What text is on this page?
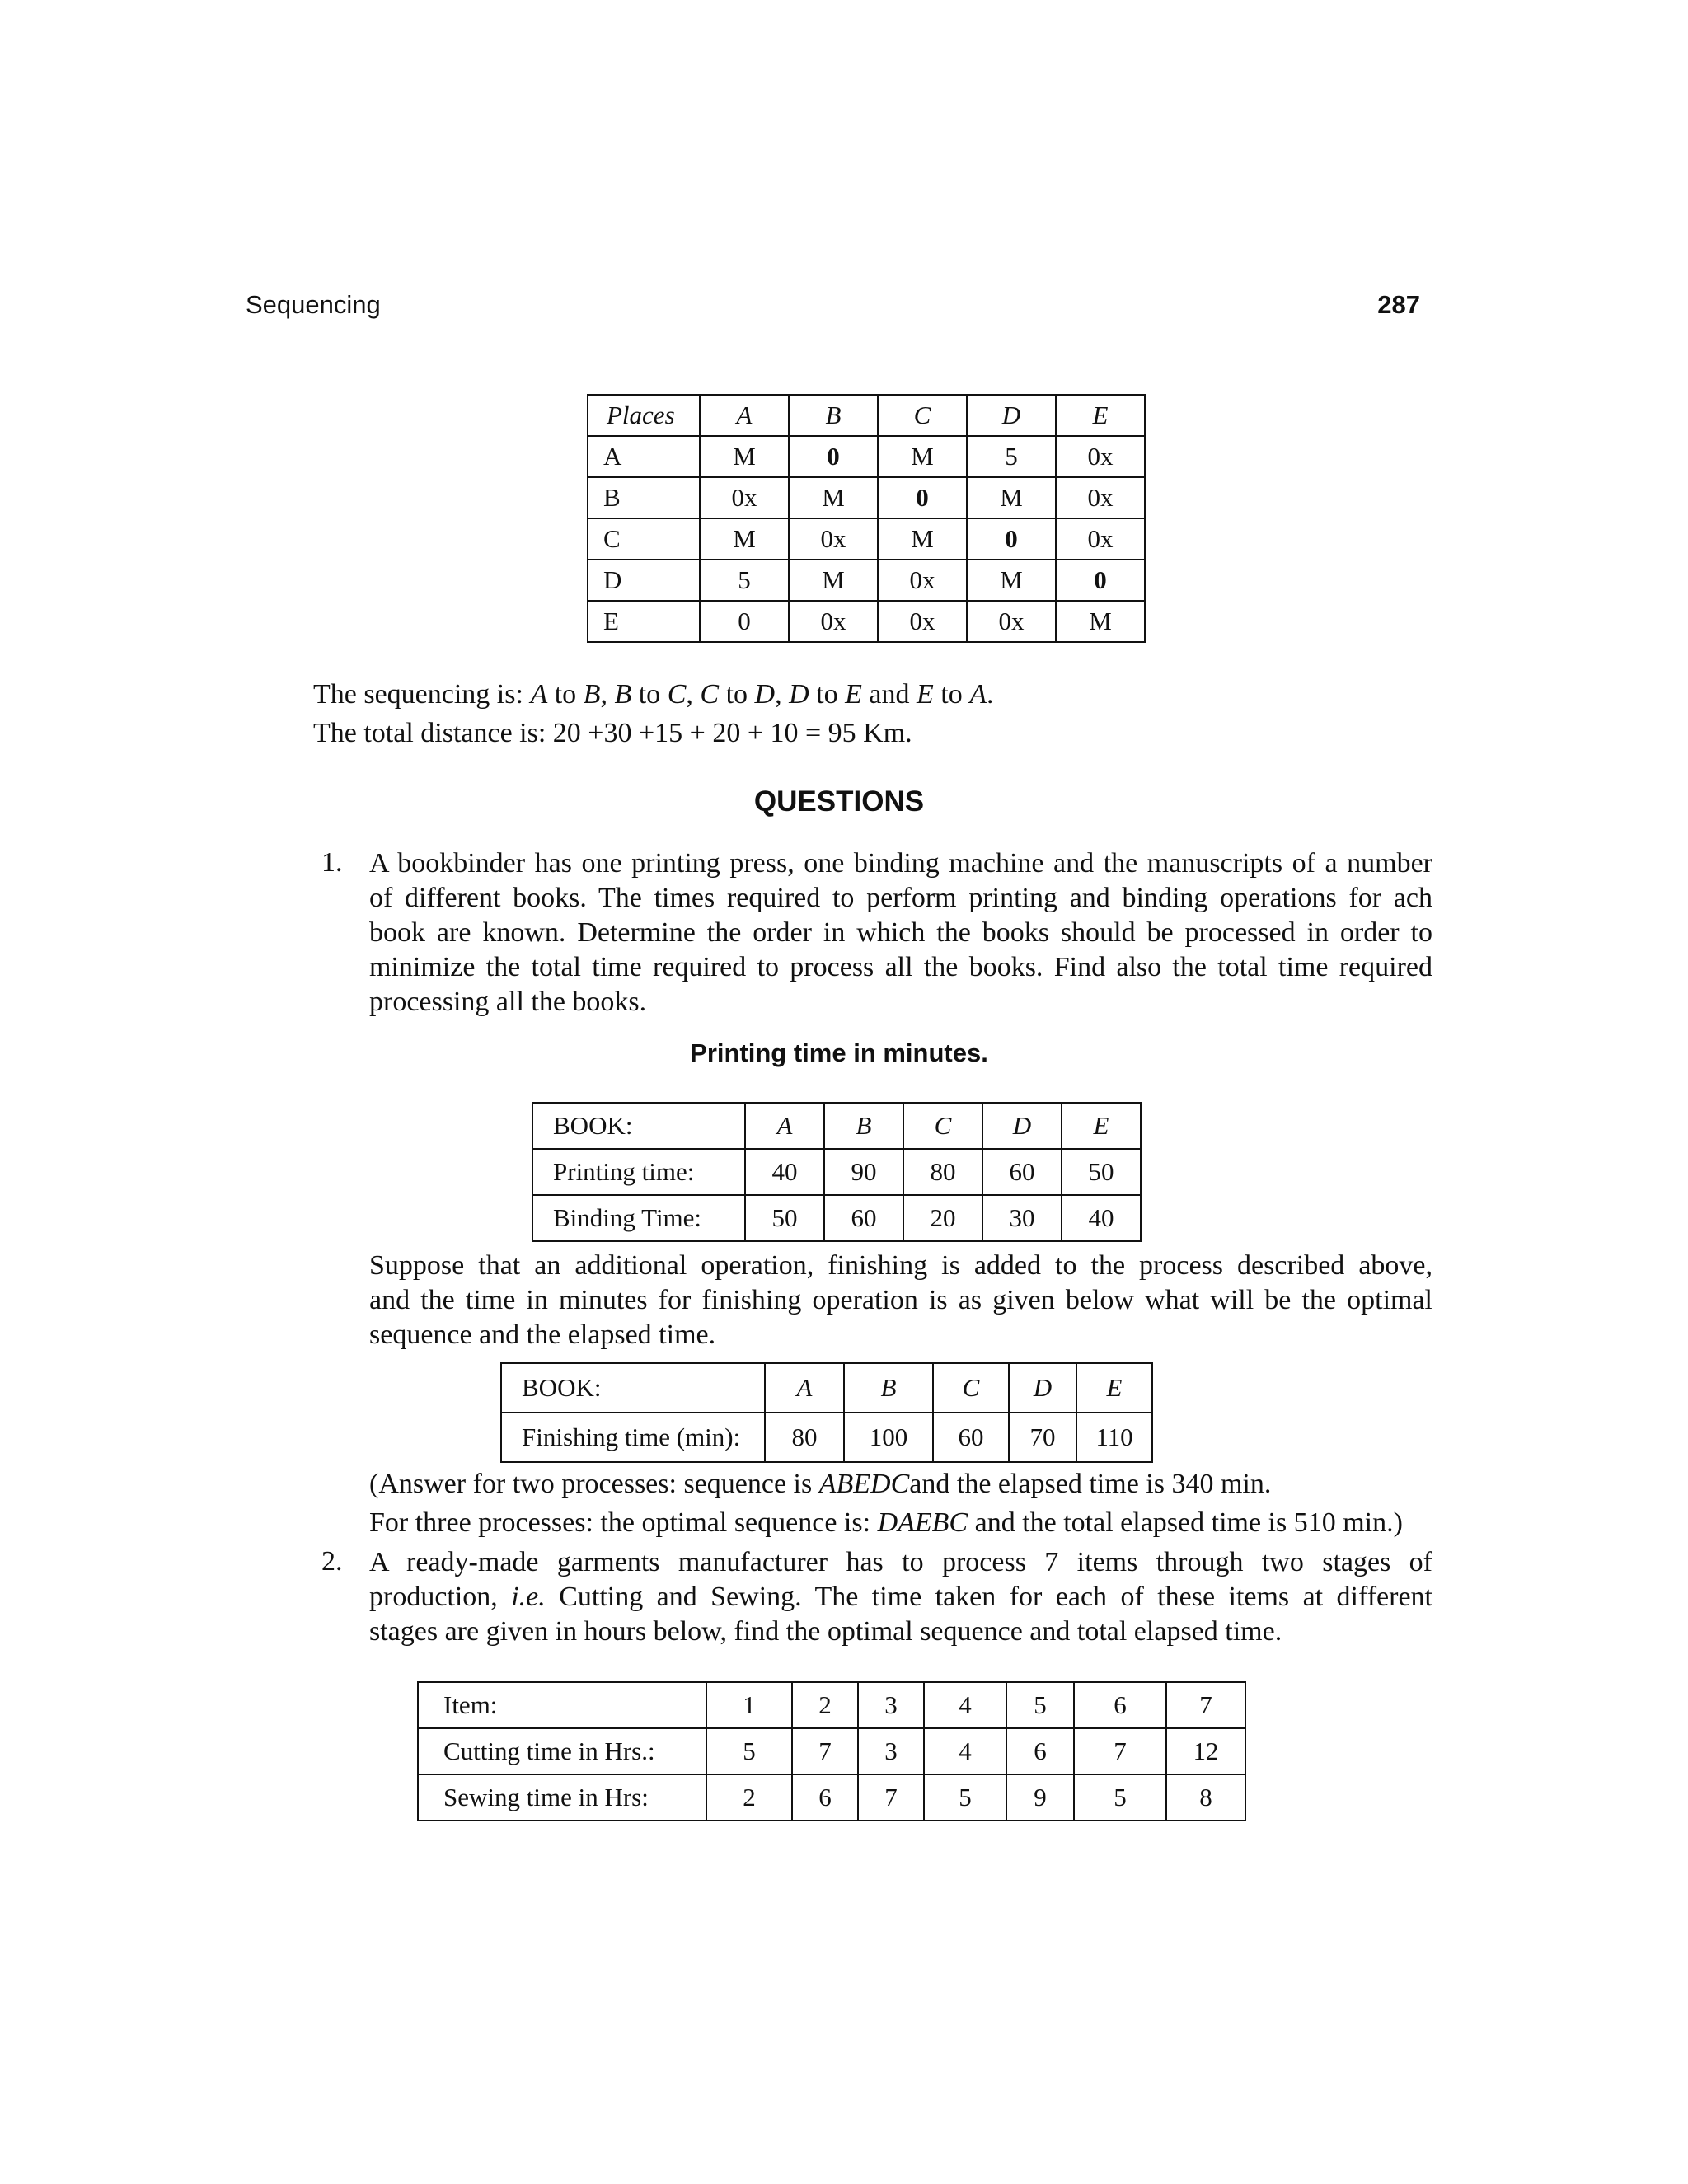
Sequencing	287
Places	A	B	C	D	E
A	M	0	M	5	0x
B	0x	M	0	M	0x
C	M	0x	M	0	0x
D	5	M	0x	M	0
E	0	0x	0x	0x	M
The sequencing is: A to B, B to C, C to D, D to E and E to A.
The total distance is: 20 +30 +15 + 20 + 10 = 95 Km.
QUESTIONS
1. A bookbinder has one printing press, one binding machine and the manuscripts of a number
of different books. The times required to perform printing and binding operations for ach
book are known. Determine the order in which the books should be processed in order to
minimize the total time required to process all the books. Find also the total time required
processing all the books.
Printing time in minutes.
BOOK:	A	B	C	D	E
Printing time:	40	90	80	60	50
Binding Time:	50	60	20	30	40
Suppose that an additional operation, finishing is added to the process described above,
and the time in minutes for finishing operation is as given below what will be the optimal
sequence and the elapsed time.
BOOK:	A	B	C	D	E
Finishing time (min):	80	100	60	70	110
(Answer for two processes: sequence is ABEDCand the elapsed time is 340 min.
For three processes: the optimal sequence is: DAEBC and the total elapsed time is 510 min.)
2. A ready-made garments manufacturer has to process 7 items through two stages of
production, i.e. Cutting and Sewing. The time taken for each of these items at different
stages are given in hours below, find the optimal sequence and total elapsed time.
Item:	1	2	3	4	5	6	7
Cutting time in Hrs.:	5	7	3	4	6	7	12
Sewing time in Hrs:	2	6	7	5	9	5	8
